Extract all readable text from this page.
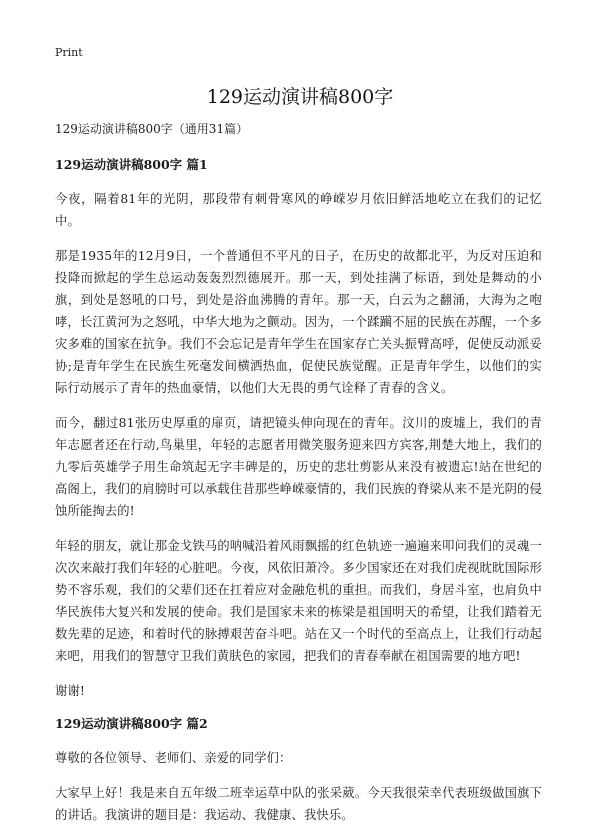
Print
129运动演讲稿800字

129运动演讲稿800字（通用31篇）

129运动演讲稿800字 篇1

今夜，隔着81年的光阴，那段带有刺骨寒风的峥嵘岁月依旧鲜活地屹立在我们的记忆中。

那是1935年的12月9日，一个普通但不平凡的日子，在历史的故都北平，为反对压迫和投降而掀起的学生总运动轰轰烈烈德展开。那一天，到处挂满了标语，到处是舞动的小旗，到处是怒吼的口号，到处是浴血沸腾的青年。那一天，白云为之翻涌，大海为之咆哮，长江黄河为之怒吼，中华大地为之颤动。因为，一个蹂躏不屈的民族在苏醒，一个多灾多难的国家在抗争。我们不会忘记是青年学生在国家存亡关头振臂高呼，促使反动派妥协;是青年学生在民族生死毫发间横洒热血，促使民族觉醒。正是青年学生，以他们的实际行动展示了青年的热血豪情，以他们大无畏的勇气诠释了青春的含义。

而今，翻过81张历史厚重的扉页，请把镜头伸向现在的青年。汶川的废墟上，我们的青年志愿者还在行动,鸟巢里，年轻的志愿者用微笑服务迎来四方宾客,荆楚大地上，我们的九零后英雄学子用生命筑起无字丰碑是的，历史的悲壮剪影从来没有被遗忘!站在世纪的高阁上，我们的肩膀时可以承载住昔那些峥嵘豪情的，我们民族的脊梁从来不是光阴的侵蚀所能掏去的!

年轻的朋友，就让那金戈铁马的呐喊沿着风雨飘摇的红色轨迹一遍遍来叩问我们的灵魂一次次来敲打我们年轻的心脏吧。今夜，风依旧萧冷。多少国家还在对我们虎视眈眈国际形势不容乐观，我们的父辈们还在扛着应对金融危机的重担。而我们，身居斗室，也肩负中华民族伟大复兴和发展的使命。我们是国家未来的栋梁是祖国明天的希望，让我们踏着无数先辈的足迹，和着时代的脉搏艰苦奋斗吧。站在又一个时代的至高点上，让我们行动起来吧，用我们的智慧守卫我们黄肤色的家园，把我们的青春奉献在祖国需要的地方吧!

谢谢!

129运动演讲稿800字 篇2

尊敬的各位领导、老师们、亲爱的同学们：

大家早上好！我是来自五年级二班幸运草中队的张采葳。今天我很荣幸代表班级做国旗下的讲话。我演讲的题目是：我运动、我健康、我快乐。
